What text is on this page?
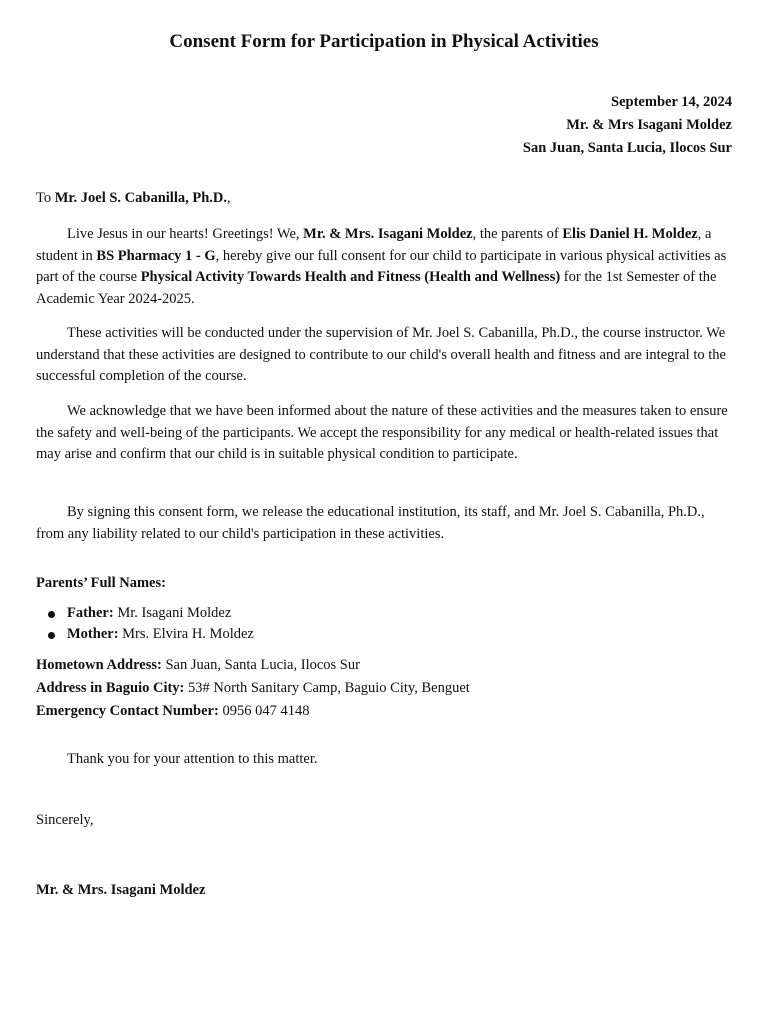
Consent Form for Participation in Physical Activities
September 14, 2024
Mr. & Mrs Isagani Moldez
San Juan, Santa Lucia, Ilocos Sur

To Mr. Joel S. Cabanilla, Ph.D.,

Live Jesus in our hearts! Greetings! We, Mr. & Mrs. Isagani Moldez, the parents of Elis Daniel H. Moldez, a student in BS Pharmacy 1 - G, hereby give our full consent for our child to participate in various physical activities as part of the course Physical Activity Towards Health and Fitness (Health and Wellness) for the 1st Semester of the Academic Year 2024-2025.

These activities will be conducted under the supervision of Mr. Joel S. Cabanilla, Ph.D., the course instructor. We understand that these activities are designed to contribute to our child's overall health and fitness and are integral to the successful completion of the course.

We acknowledge that we have been informed about the nature of these activities and the measures taken to ensure the safety and well-being of the participants. We accept the responsibility for any medical or health-related issues that may arise and confirm that our child is in suitable physical condition to participate.

By signing this consent form, we release the educational institution, its staff, and Mr. Joel S. Cabanilla, Ph.D., from any liability related to our child's participation in these activities.

Parents’ Full Names:

Father: Mr. Isagani Moldez
Mother: Mrs. Elvira H. Moldez
Hometown Address: San Juan, Santa Lucia, Ilocos Sur
Address in Baguio City: 53# North Sanitary Camp, Baguio City, Benguet
Emergency Contact Number: 0956 047 4148

Thank you for your attention to this matter.

Sincerely,

Mr. & Mrs. Isagani Moldez
